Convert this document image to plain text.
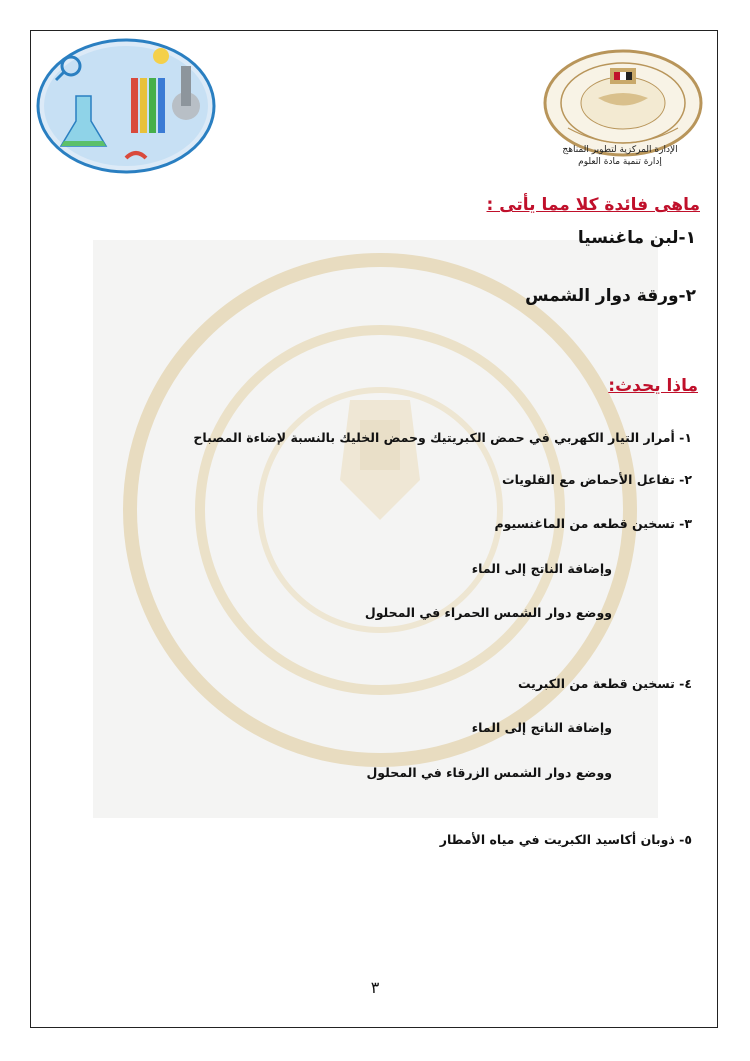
الإدارة المركزية لتطوير المناهج
إدارة تنمية مادة العلوم
ماهى فائدة كلا مما يأتى :
١-لبن ماغنسيا
٢-ورقة دوار الشمس
ماذا يحدث:
١- أمرار التيار الكهربي في حمض الكبريتيك وحمض الخليك بالنسبة لإضاءة المصباح
٢- تفاعل الأحماض مع القلويات
٣- تسخين قطعه من الماغنسيوم
وإضافة الناتج إلى الماء
ووضع دوار الشمس الحمراء في المحلول
٤- تسخين قطعة من الكبريت
وإضافة الناتج إلى الماء
ووضع دوار الشمس الزرقاء في المحلول
٥- ذوبان أكاسيد الكبريت في مياه الأمطار
٣
